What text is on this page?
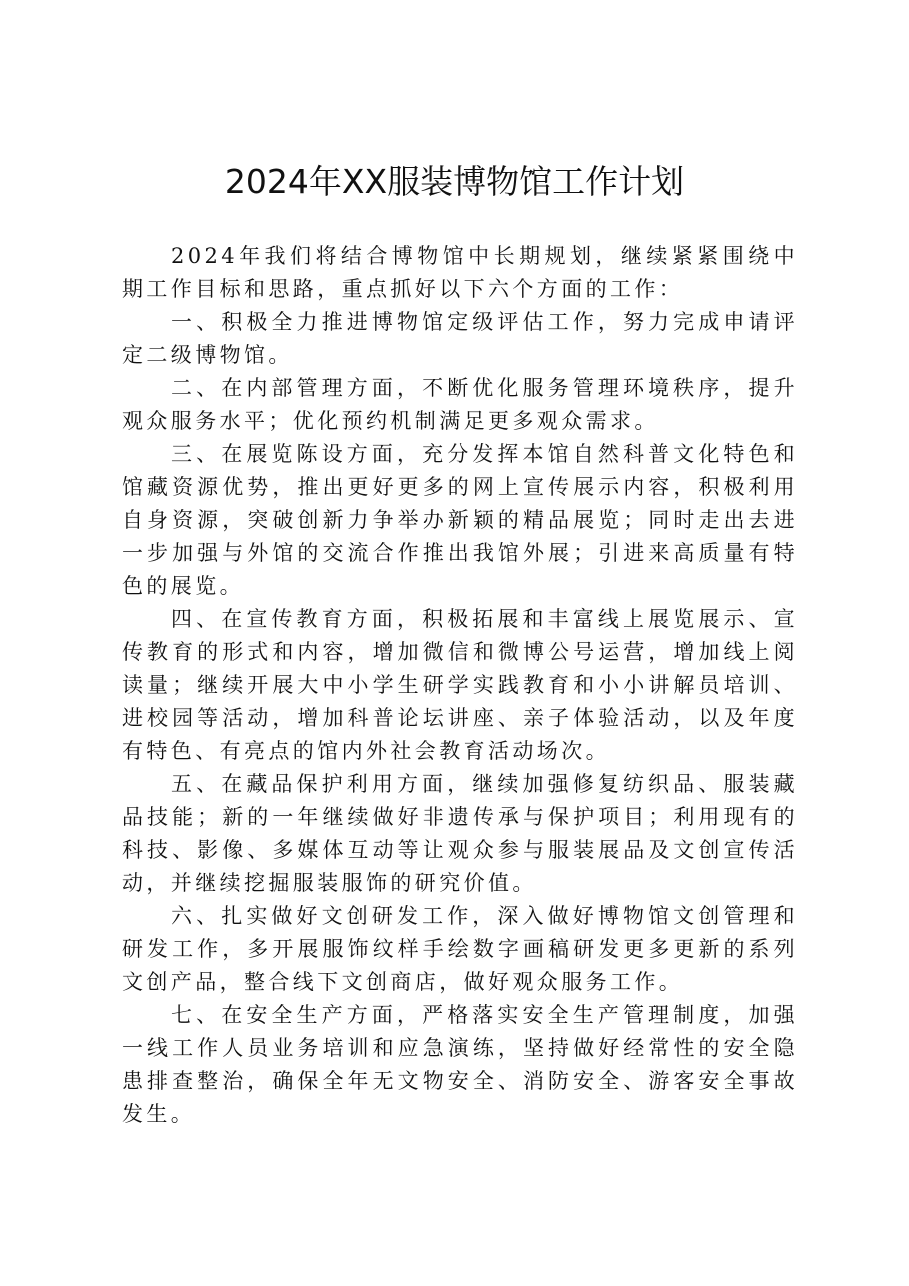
2024年XX服装博物馆工作计划

2024年我们将结合博物馆中长期规划，继续紧紧围绕中期工作目标和思路，重点抓好以下六个方面的工作：

一、积极全力推进博物馆定级评估工作，努力完成申请评定二级博物馆。

二、在内部管理方面，不断优化服务管理环境秩序，提升观众服务水平；优化预约机制满足更多观众需求。

三、在展览陈设方面，充分发挥本馆自然科普文化特色和馆藏资源优势，推出更好更多的网上宣传展示内容，积极利用自身资源，突破创新力争举办新颖的精品展览；同时走出去进一步加强与外馆的交流合作推出我馆外展；引进来高质量有特色的展览。

四、在宣传教育方面，积极拓展和丰富线上展览展示、宣传教育的形式和内容，增加微信和微博公号运营，增加线上阅读量；继续开展大中小学生研学实践教育和小小讲解员培训、进校园等活动，增加科普论坛讲座、亲子体验活动，以及年度有特色、有亮点的馆内外社会教育活动场次。

五、在藏品保护利用方面，继续加强修复纺织品、服装藏品技能；新的一年继续做好非遗传承与保护项目；利用现有的科技、影像、多媒体互动等让观众参与服装展品及文创宣传活动，并继续挖掘服装服饰的研究价值。

六、扎实做好文创研发工作，深入做好博物馆文创管理和研发工作，多开展服饰纹样手绘数字画稿研发更多更新的系列文创产品，整合线下文创商店，做好观众服务工作。

七、在安全生产方面，严格落实安全生产管理制度，加强一线工作人员业务培训和应急演练，坚持做好经常性的安全隐患排查整治，确保全年无文物安全、消防安全、游客安全事故发生。
